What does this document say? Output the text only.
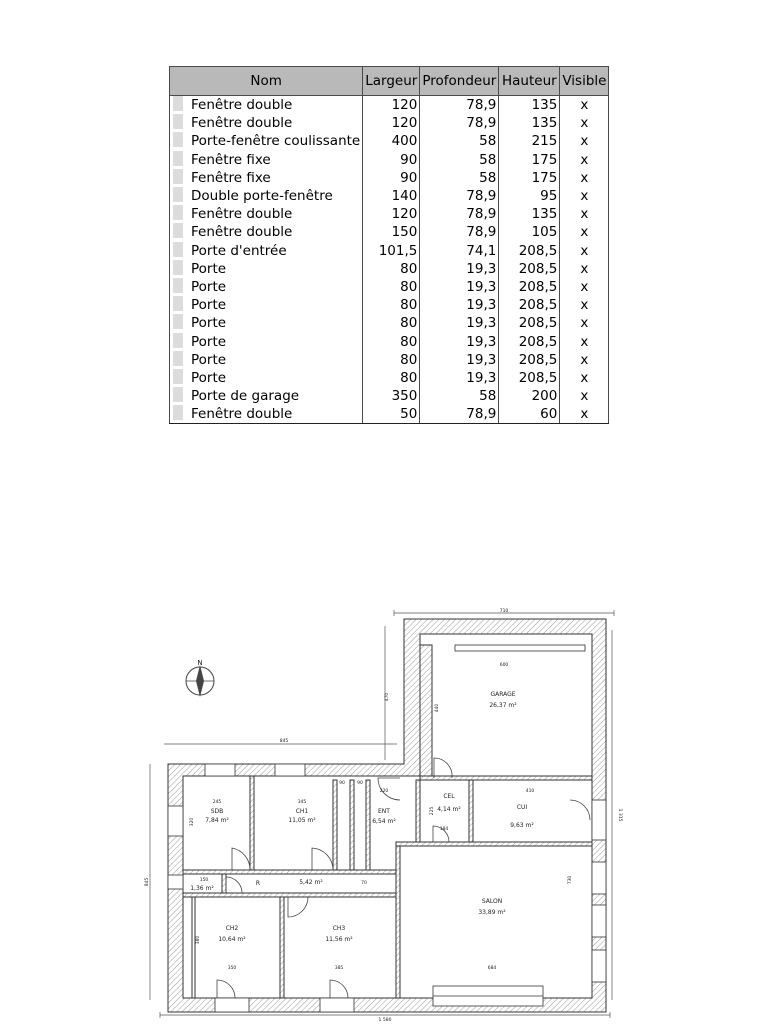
Nom	Largeur	Profondeur	Hauteur	Visible
Fenêtre double	120	78,9	135	x
Fenêtre double	120	78,9	135	x
Porte-fenêtre coulissante	400	58	215	x
Fenêtre fixe	90	58	175	x
Fenêtre fixe	90	58	175	x
Double porte-fenêtre	140	78,9	95	x
Fenêtre double	120	78,9	135	x
Fenêtre double	150	78,9	105	x
Porte d'entrée	101,5	74,1	208,5	x
Porte	80	19,3	208,5	x
Porte	80	19,3	208,5	x
Porte	80	19,3	208,5	x
Porte	80	19,3	208,5	x
Porte	80	19,3	208,5	x
Porte	80	19,3	208,5	x
Porte	80	19,3	208,5	x
Porte de garage	350	58	200	x
Fenêtre double	50	78,9	60	x
N
GARAGE
26,37 m²
SDB
7,84 m²
CH1
11,05 m²
ENT
6,54 m²
CEL
4,14 m²	CUI
9,63 m²
1,36 m²
5,42 m²
R
SALON
33,89 m²
CH2
10,64 m²
CH3
11,56 m²
710
600
470
440
845
245	345
90	90
220
225
184
410
320
150
70
1 315
730
845
380
350	385	684
1 580
